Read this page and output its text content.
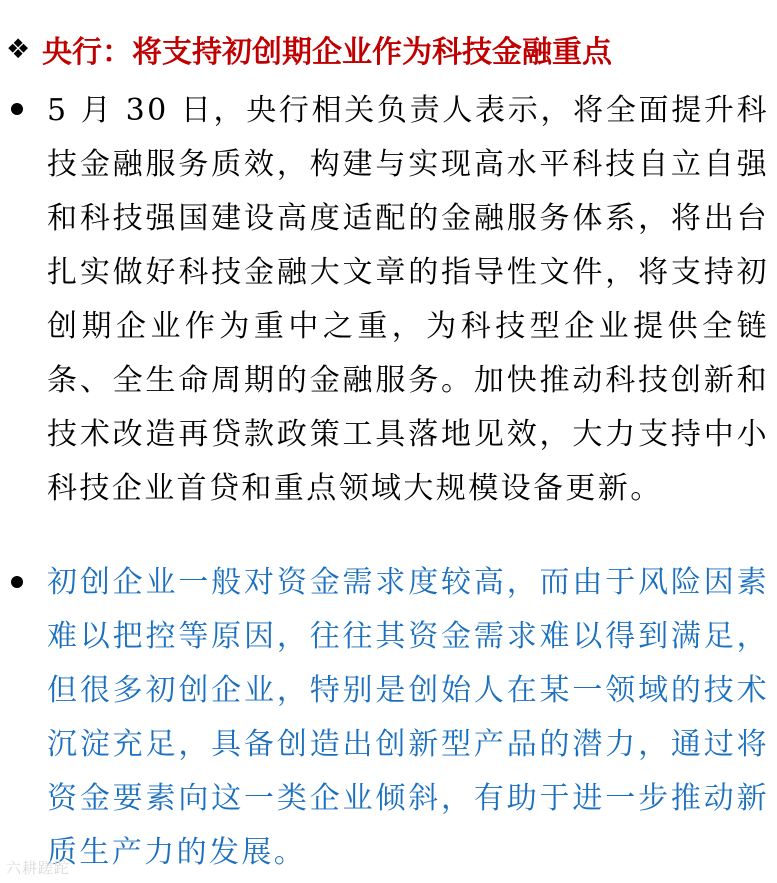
❖ 央行：将支持初创期企业作为科技金融重点

5 月 30 日，央行相关负责人表示，将全面提升科技金融服务质效，构建与实现高水平科技自立自强和科技强国建设高度适配的金融服务体系，将出台扎实做好科技金融大文章的指导性文件，将支持初创期企业作为重中之重，为科技型企业提供全链条、全生命周期的金融服务。加快推动科技创新和技术改造再贷款政策工具落地见效，大力支持中小科技企业首贷和重点领域大规模设备更新。

初创企业一般对资金需求度较高，而由于风险因素难以把控等原因，往往其资金需求难以得到满足，但很多初创企业，特别是创始人在某一领域的技术沉淀充足，具备创造出创新型产品的潜力，通过将资金要素向这一类企业倾斜，有助于进一步推动新质生产力的发展。

六耕蹉跎
